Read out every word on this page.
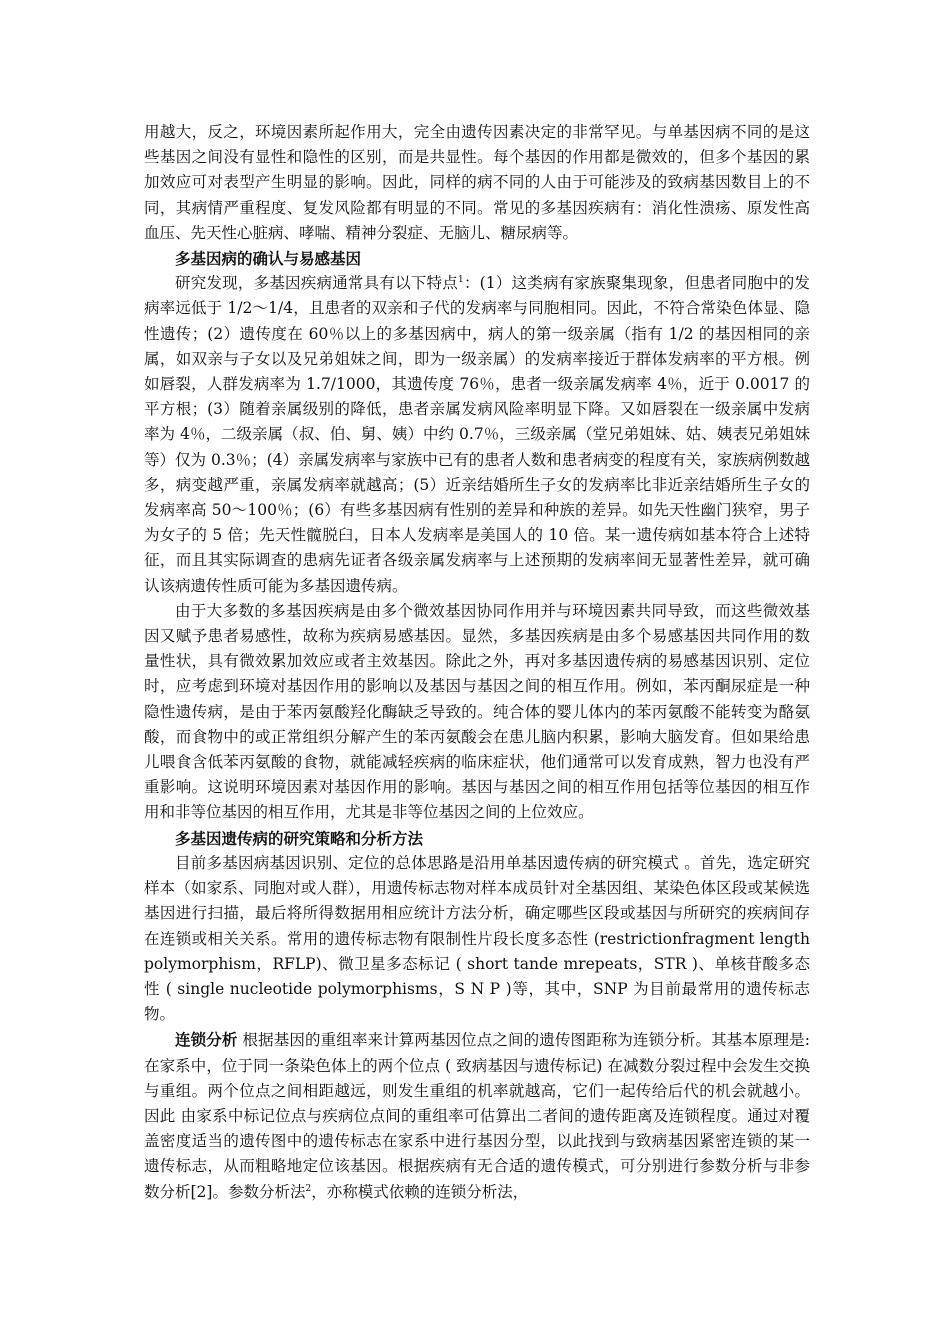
用越大，反之，环境因素所起作用大，完全由遗传因素决定的非常罕见。与单基因病不同的是这些基因之间没有显性和隐性的区别，而是共显性。每个基因的作用都是微效的，但多个基因的累加效应可对表型产生明显的影响。因此，同样的病不同的人由于可能涉及的致病基因数目上的不同，其病情严重程度、复发风险都有明显的不同。常见的多基因疾病有：消化性溃疡、原发性高血压、先天性心脏病、哮喘、精神分裂症、无脑儿、糖尿病等。

多基因病的确认与易感基因

研究发现，多基因疾病通常具有以下特点$^1$：(1）这类病有家族聚集现象，但患者同胞中的发病率远低于 1/2～1/4，且患者的双亲和子代的发病率与同胞相同。因此，不符合常染色体显、隐性遗传；(2）遗传度在 60％以上的多基因病中，病人的第一级亲属（指有 1/2 的基因相同的亲属，如双亲与子女以及兄弟姐妹之间，即为一级亲属）的发病率接近于群体发病率的平方根。例如唇裂，人群发病率为 1.7/1000，其遗传度 76％，患者一级亲属发病率 4％，近于 0.0017 的平方根；(3）随着亲属级别的降低，患者亲属发病风险率明显下降。又如唇裂在一级亲属中发病率为 4％，二级亲属（叔、伯、舅、姨）中约 0.7％，三级亲属（堂兄弟姐妹、姑、姨表兄弟姐妹等）仅为 0.3％；(4）亲属发病率与家族中已有的患者人数和患者病变的程度有关，家族病例数越多，病变越严重，亲属发病率就越高；(5）近亲结婚所生子女的发病率比非近亲结婚所生子女的发病率高 50～100％；(6）有些多基因病有性别的差异和种族的差异。如先天性幽门狭窄，男子为女子的 5 倍；先天性髋脱臼，日本人发病率是美国人的 10 倍。某一遗传病如基本符合上述特征，而且其实际调查的患病先证者各级亲属发病率与上述预期的发病率间无显著性差异，就可确认该病遗传性质可能为多基因遗传病。

由于大多数的多基因疾病是由多个微效基因协同作用并与环境因素共同导致，而这些微效基因又赋予患者易感性，故称为疾病易感基因。显然，多基因疾病是由多个易感基因共同作用的数量性状，具有微效累加效应或者主效基因。除此之外，再对多基因遗传病的易感基因识别、定位时，应考虑到环境对基因作用的影响以及基因与基因之间的相互作用。例如，苯丙酮尿症是一种隐性遗传病，是由于苯丙氨酸羟化酶缺乏导致的。纯合体的婴儿体内的苯丙氨酸不能转变为酪氨酸，而食物中的或正常组织分解产生的苯丙氨酸会在患儿脑内积累，影响大脑发育。但如果给患儿喂食含低苯丙氨酸的食物，就能减轻疾病的临床症状，他们通常可以发育成熟，智力也没有严重影响。这说明环境因素对基因作用的影响。基因与基因之间的相互作用包括等位基因的相互作用和非等位基因的相互作用，尤其是非等位基因之间的上位效应。

多基因遗传病的研究策略和分析方法

目前多基因病基因识别、定位的总体思路是沿用单基因遗传病的研究模式 。首先，选定研究样本（如家系、同胞对或人群），用遗传标志物对样本成员针对全基因组、某染色体区段或某候选基因进行扫描，最后将所得数据用相应统计方法分析，确定哪些区段或基因与所研究的疾病间存在连锁或相关关系。常用的遗传标志物有限制性片段长度多态性 (restrictionfragment length polymorphism，RFLP)、微卫星多态标记 ( short tande mrepeats，STR )、单核苷酸多态性 ( single nucleotide polymorphisms，S N P )等，其中，SNP 为目前最常用的遗传标志物。

连锁分析 根据基因的重组率来计算两基因位点之间的遗传图距称为连锁分析。其基本原理是: 在家系中，位于同一条染色体上的两个位点 ( 致病基因与遗传标记) 在减数分裂过程中会发生交换与重组。两个位点之间相距越远，则发生重组的机率就越高，它们一起传给后代的机会就越小。因此 由家系中标记位点与疾病位点间的重组率可估算出二者间的遗传距离及连锁程度。通过对覆盖密度适当的遗传图中的遗传标志在家系中进行基因分型，以此找到与致病基因紧密连锁的某一遗传标志，从而粗略地定位该基因。根据疾病有无合适的遗传模式，可分别进行参数分析与非参数分析[2]。参数分析法$^2$，亦称模式依赖的连锁分析法，
